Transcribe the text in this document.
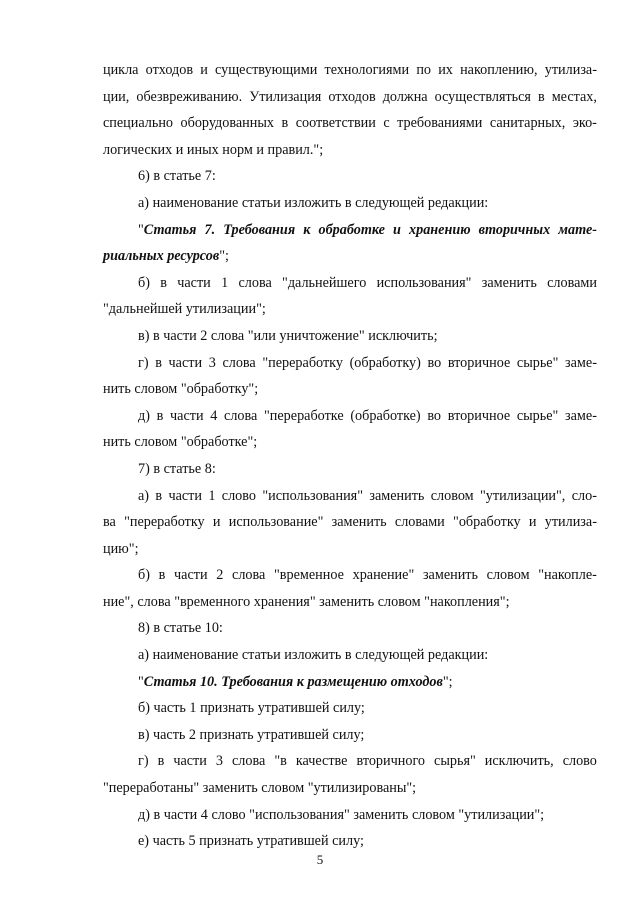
цикла отходов и существующими технологиями по их накоплению, утилиза-
ции, обезвреживанию. Утилизация отходов должна осуществляться в местах,
специально оборудованных в соответствии с требованиями санитарных, эко-
логических и иных норм и правил.";
6) в статье 7:
а) наименование статьи изложить в следующей редакции:
"Статья 7. Требования к обработке и хранению вторичных мате-
риальных ресурсов";
б) в части 1 слова "дальнейшего использования" заменить словами
"дальнейшей утилизации";
в) в части 2 слова "или уничтожение" исключить;
г) в части 3 слова "переработку (обработку) во вторичное сырье" заме-
нить словом "обработку";
д) в части 4 слова "переработке (обработке) во вторичное сырье" заме-
нить словом "обработке";
7) в статье 8:
а) в части 1 слово "использования" заменить словом "утилизации", сло-
ва "переработку и использование" заменить словами "обработку и утилиза-
цию";
б) в части 2 слова "временное хранение" заменить словом "накопле-
ние", слова "временного хранения" заменить словом "накопления";
8) в статье 10:
а) наименование статьи изложить в следующей редакции:
"Статья 10. Требования к размещению отходов";
б) часть 1 признать утратившей силу;
в) часть 2 признать утратившей силу;
г) в части 3 слова "в качестве вторичного сырья" исключить, слово
"переработаны" заменить словом "утилизированы";
д) в части 4 слово "использования" заменить словом "утилизации";
е) часть 5 признать утратившей силу;
5
